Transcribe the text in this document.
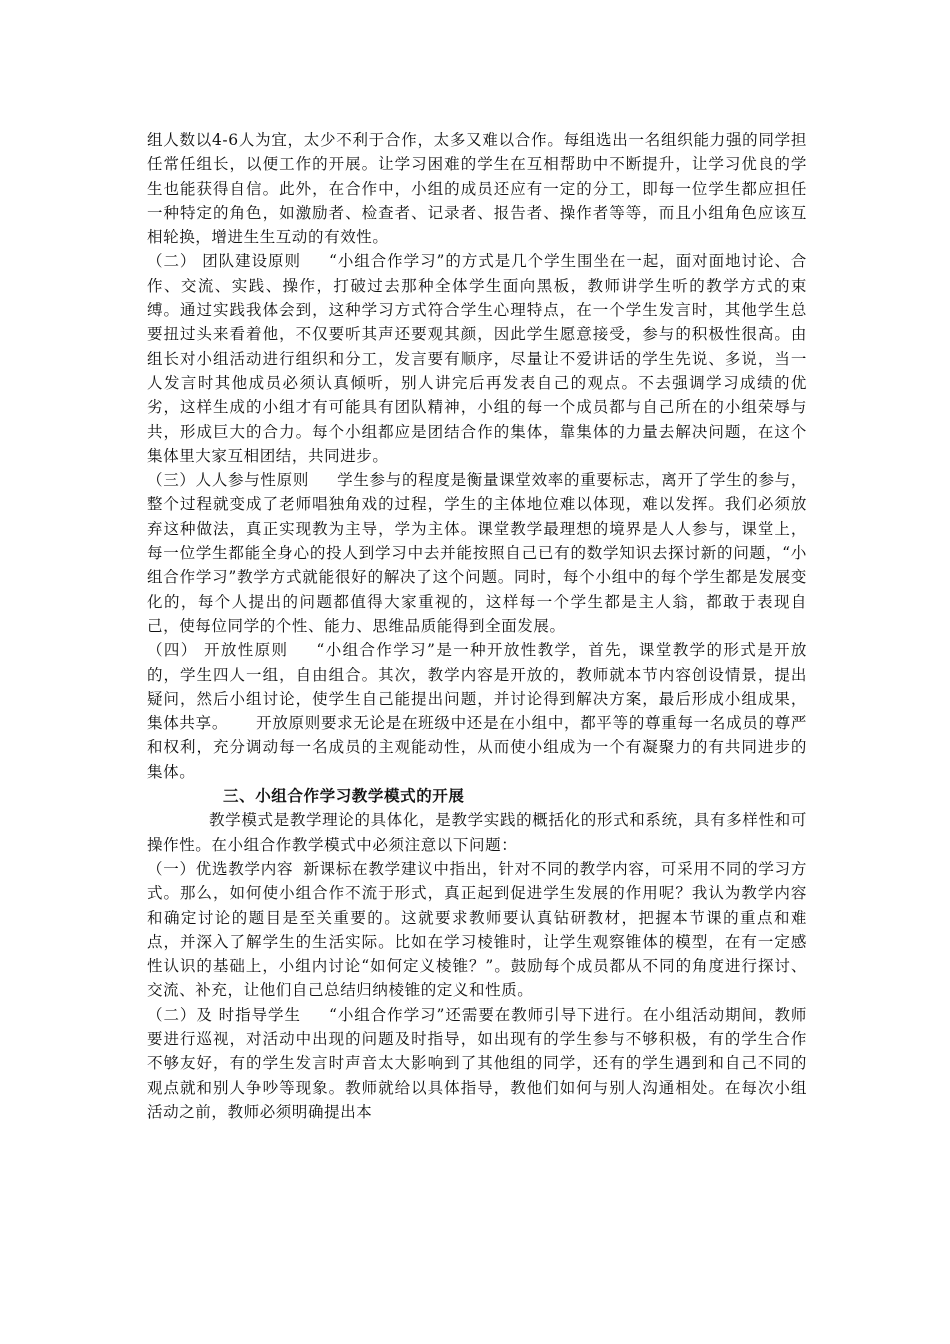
组人数以4-6人为宜，太少不利于合作，太多又难以合作。每组选出一名组织能力强的同学担任常任组长，以便工作的开展。让学习困难的学生在互相帮助中不断提升，让学习优良的学生也能获得自信。此外，在合作中，小组的成员还应有一定的分工，即每一位学生都应担任一种特定的角色，如激励者、检查者、记录者、报告者、操作者等等，而且小组角色应该互相轮换，增进生生互动的有效性。

（二） 团队建设原则 “小组合作学习”的方式是几个学生围坐在一起，面对面地讨论、合作、交流、实践、操作，打破过去那种全体学生面向黑板，教师讲学生听的教学方式的束缚。通过实践我体会到，这种学习方式符合学生心理特点，在一个学生发言时，其他学生总要扭过头来看着他，不仅要听其声还要观其颜，因此学生愿意接受，参与的积极性很高。由组长对小组活动进行组织和分工，发言要有顺序，尽量让不爱讲话的学生先说、多说，当一人发言时其他成员必须认真倾听，别人讲完后再发表自己的观点。不去强调学习成绩的优劣，这样生成的小组才有可能具有团队精神，小组的每一个成员都与自己所在的小组荣辱与共，形成巨大的合力。每个小组都应是团结合作的集体，靠集体的力量去解决问题，在这个集体里大家互相团结，共同进步。

（三）人人参与性原则 学生参与的程度是衡量课堂效率的重要标志，离开了学生的参与，整个过程就变成了老师唱独角戏的过程，学生的主体地位难以体现，难以发挥。我们必须放弃这种做法，真正实现教为主导，学为主体。课堂教学最理想的境界是人人参与，课堂上，每一位学生都能全身心的投人到学习中去并能按照自己已有的数学知识去探讨新的问题，“小组合作学习”教学方式就能很好的解决了这个问题。同时，每个小组中的每个学生都是发展变化的，每个人提出的问题都值得大家重视的，这样每一个学生都是主人翁，都敢于表现自己，使每位同学的个性、能力、思维品质能得到全面发展。

（四） 开放性原则 “小组合作学习”是一种开放性教学，首先，课堂教学的形式是开放的，学生四人一组，自由组合。其次，教学内容是开放的，教师就本节内容创设情景，提出疑问，然后小组讨论，使学生自己能提出问题，并讨论得到解决方案，最后形成小组成果，集体共享。 开放原则要求无论是在班级中还是在小组中，都平等的尊重每一名成员的尊严和权利，充分调动每一名成员的主观能动性，从而使小组成为一个有凝聚力的有共同进步的集体。

三、小组合作学习教学模式的开展

教学模式是教学理论的具体化，是教学实践的概括化的形式和系统，具有多样性和可操作性。在小组合作教学模式中必须注意以下问题：

（一）优选教学内容 新课标在教学建议中指出，针对不同的教学内容，可采用不同的学习方式。那么，如何使小组合作不流于形式，真正起到促进学生发展的作用呢？我认为教学内容和确定讨论的题目是至关重要的。这就要求教师要认真钻研教材，把握本节课的重点和难点，并深入了解学生的生活实际。比如在学习棱锥时，让学生观察锥体的模型，在有一定感性认识的基础上，小组内讨论“如何定义棱锥？”。鼓励每个成员都从不同的角度进行探讨、交流、补充，让他们自己总结归纳棱锥的定义和性质。

（二）及 时指导学生 “小组合作学习”还需要在教师引导下进行。在小组活动期间，教师要进行巡视，对活动中出现的问题及时指导，如出现有的学生参与不够积极，有的学生合作不够友好，有的学生发言时声音太大影响到了其他组的同学，还有的学生遇到和自己不同的观点就和别人争吵等现象。教师就给以具体指导，教他们如何与别人沟通相处。在每次小组活动之前，教师必须明确提出本
